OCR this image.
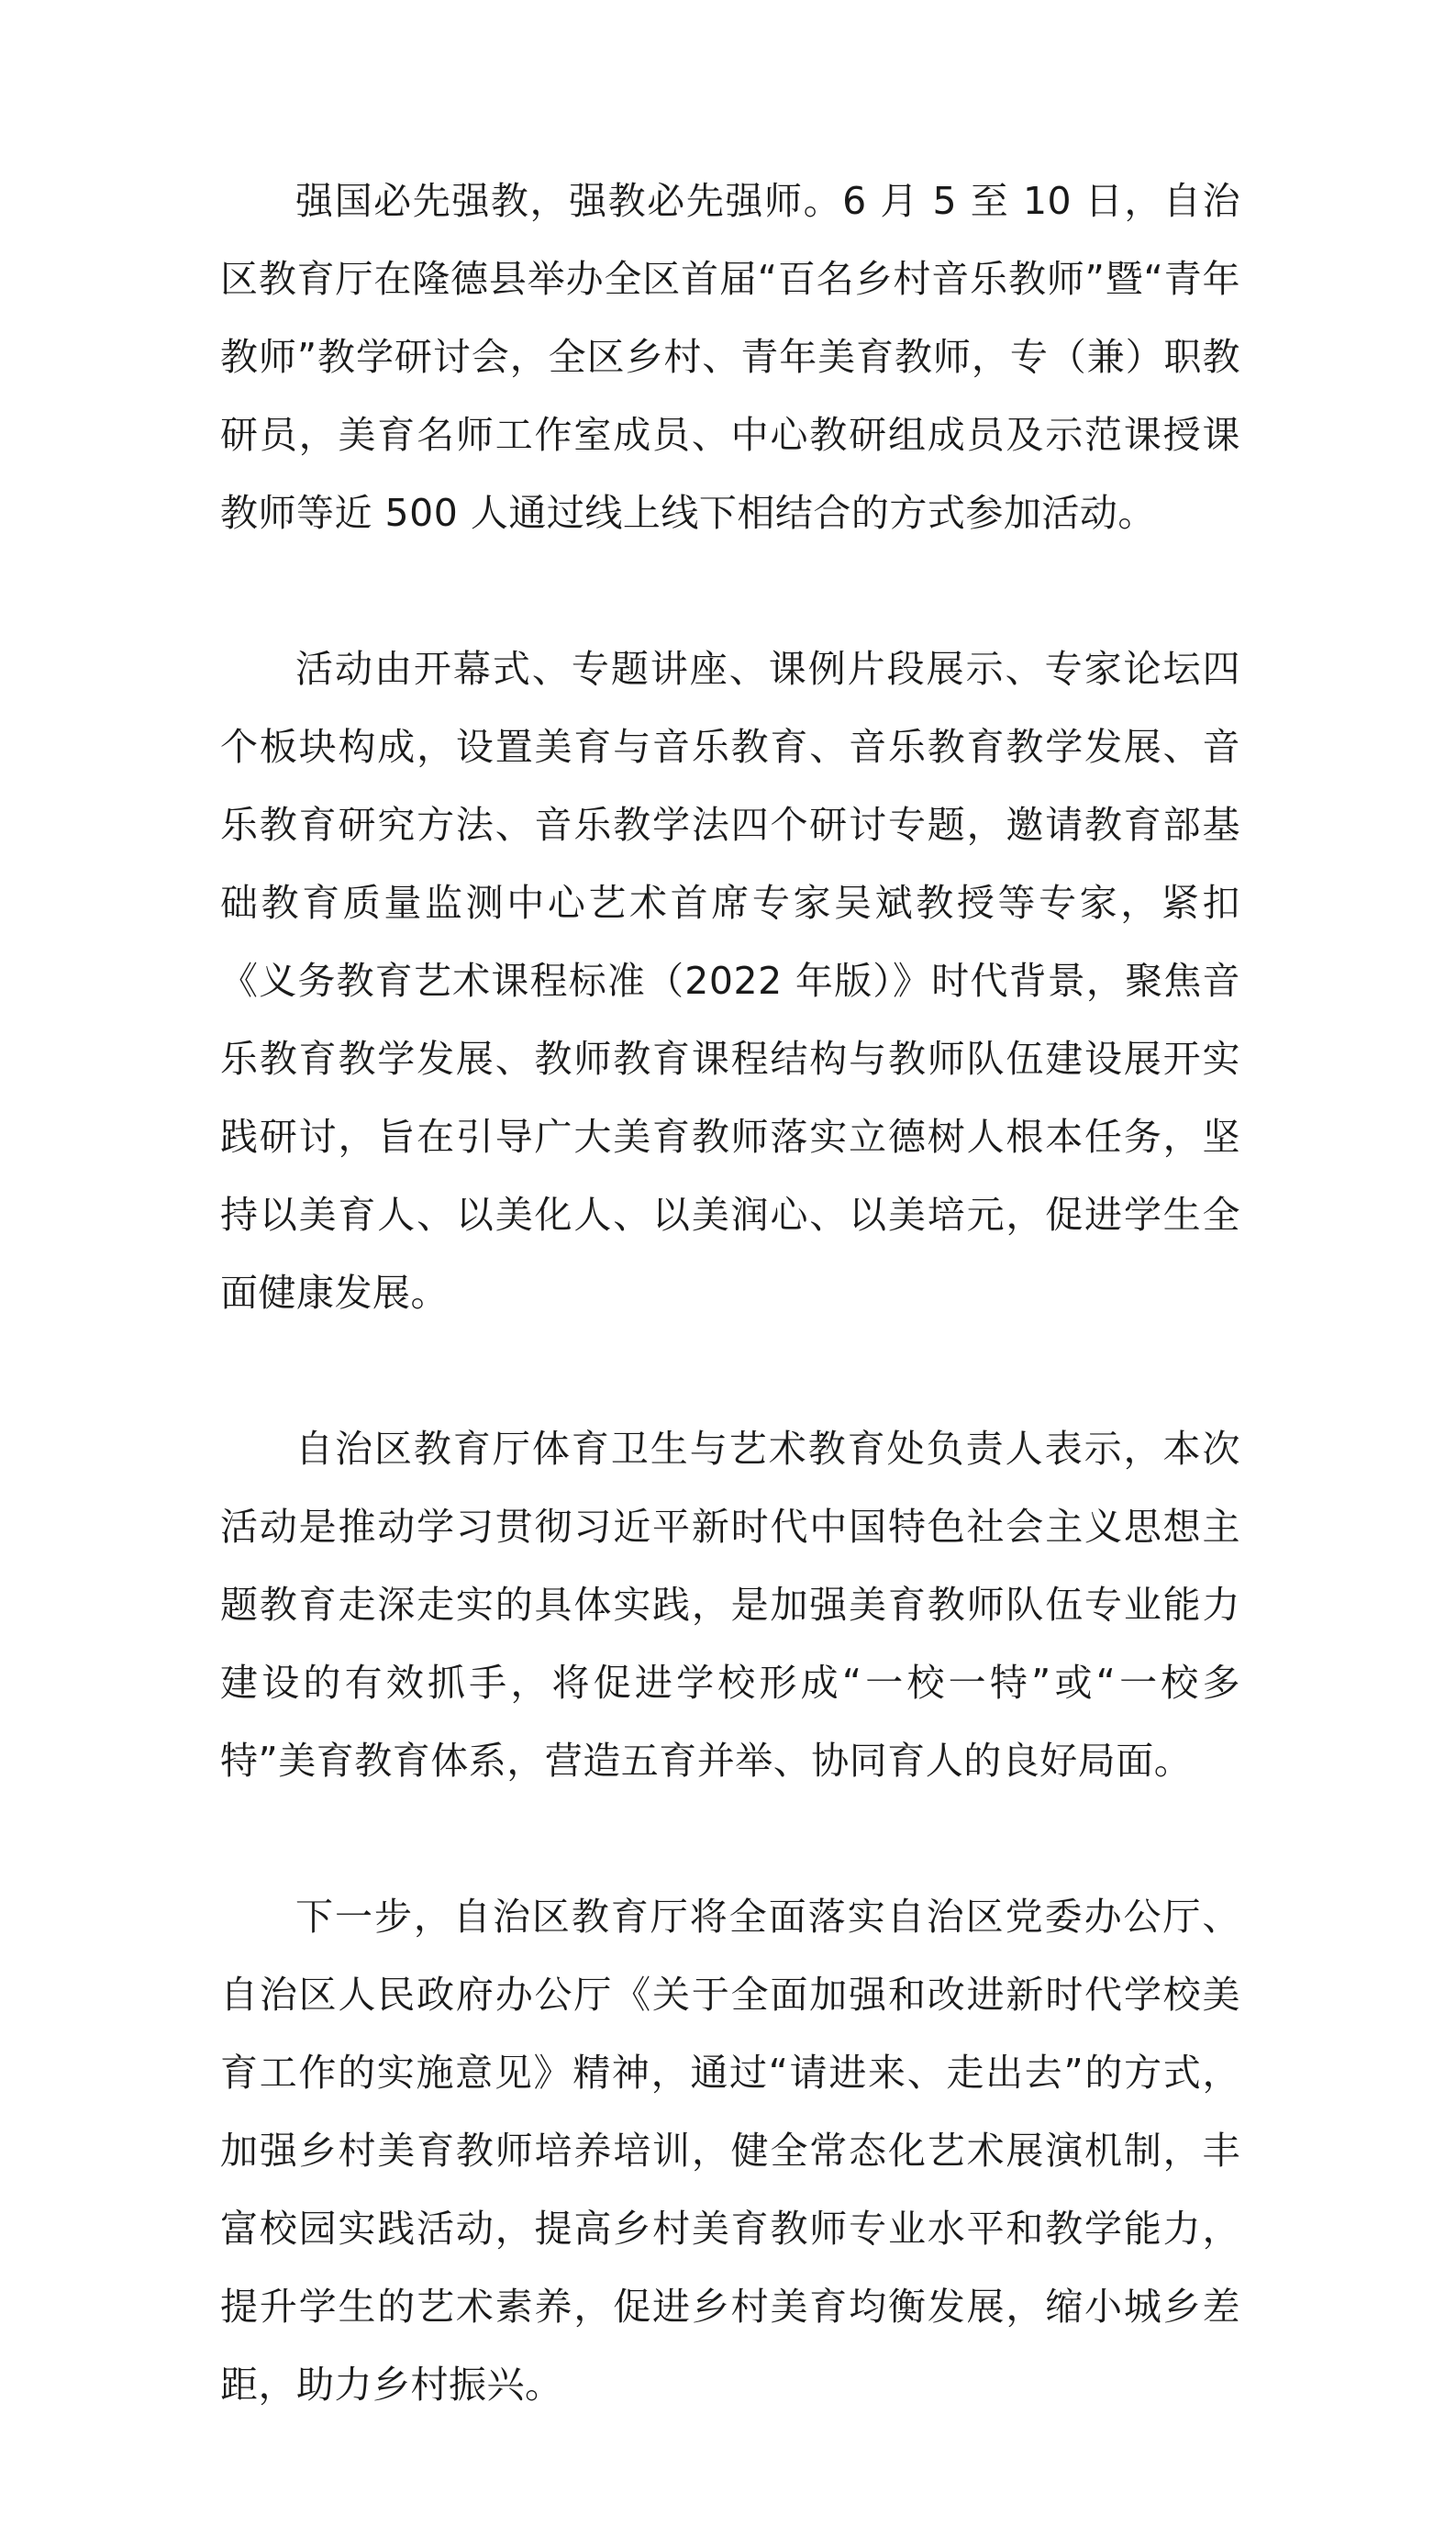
强国必先强教，强教必先强师。6 月 5 至 10 日，自治区教育厅在隆德县举办全区首届“百名乡村音乐教师”暨“青年教师”教学研讨会，全区乡村、青年美育教师，专（兼）职教研员，美育名师工作室成员、中心教研组成员及示范课授课教师等近 500 人通过线上线下相结合的方式参加活动。

活动由开幕式、专题讲座、课例片段展示、专家论坛四个板块构成，设置美育与音乐教育、音乐教育教学发展、音乐教育研究方法、音乐教学法四个研讨专题，邀请教育部基础教育质量监测中心艺术首席专家吴斌教授等专家，紧扣《义务教育艺术课程标准（2022 年版）》时代背景，聚焦音乐教育教学发展、教师教育课程结构与教师队伍建设展开实践研讨，旨在引导广大美育教师落实立德树人根本任务，坚持以美育人、以美化人、以美润心、以美培元，促进学生全面健康发展。

自治区教育厅体育卫生与艺术教育处负责人表示，本次活动是推动学习贯彻习近平新时代中国特色社会主义思想主题教育走深走实的具体实践，是加强美育教师队伍专业能力建设的有效抓手，将促进学校形成“一校一特”或“一校多特”美育教育体系，营造五育并举、协同育人的良好局面。

下一步，自治区教育厅将全面落实自治区党委办公厅、自治区人民政府办公厅《关于全面加强和改进新时代学校美育工作的实施意见》精神，通过“请进来、走出去”的方式，加强乡村美育教师培养培训，健全常态化艺术展演机制，丰富校园实践活动，提高乡村美育教师专业水平和教学能力，提升学生的艺术素养，促进乡村美育均衡发展，缩小城乡差距，助力乡村振兴。
